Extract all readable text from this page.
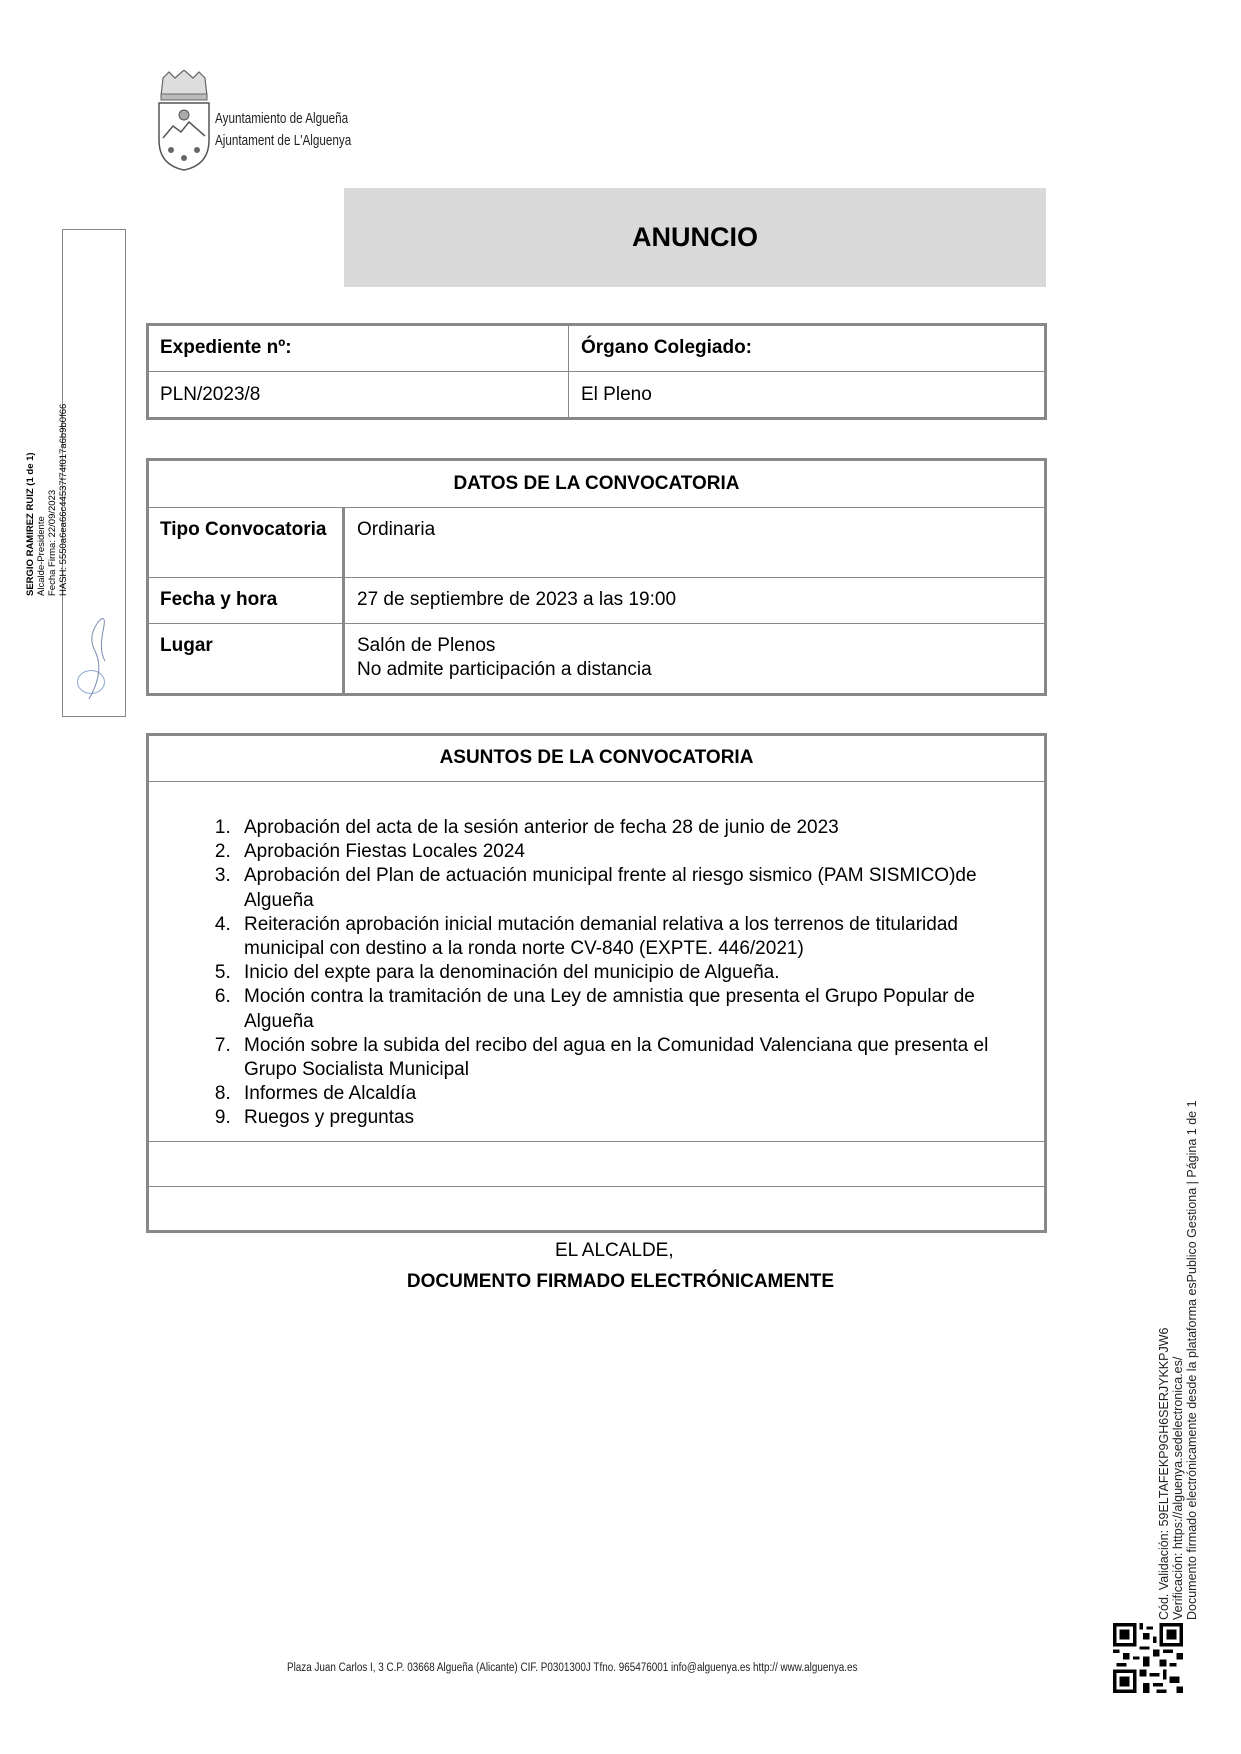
Ayuntamiento de Algueña
Ajuntament de L'Alguenya
ANUNCIO
Expediente nº:	Órgano Colegiado:
PLN/2023/8	El Pleno
DATOS DE LA CONVOCATORIA	
Tipo Convocatoria	Ordinaria
Fecha y hora	27 de septiembre de 2023 a las 19:00
Lugar	Salón de Plenos
No admite participación a distancia
ASUNTOS DE LA CONVOCATORIA

1. Aprobación del acta de la sesión anterior de fecha 28 de junio de 2023
2. Aprobación Fiestas Locales 2024
3. Aprobación del Plan de actuación municipal frente al riesgo sismico (PAM SISMICO)de Algueña
4. Reiteración aprobación inicial mutación demanial relativa a los terrenos de titularidad municipal con destino a la ronda norte CV-840 (EXPTE. 446/2021)
5. Inicio del expte para la denominación del municipio de Algueña.
6. Moción contra la tramitación de una Ley de amnistia que presenta el Grupo Popular de Algueña
7. Moción sobre la subida del recibo del agua en la Comunidad Valenciana que presenta el Grupo Socialista Municipal
8. Informes de Alcaldía
9. Ruegos y preguntas

EL ALCALDE,
DOCUMENTO FIRMADO ELECTRÓNICAMENTE
SERGIO RAMIREZ RUIZ (1 de 1) Alcalde-Presidente Fecha Firma: 22/09/2023 HASH: 5550a6ea66c44537f74f017a6b9b0f66
Cód. Validación: 59ELTAFEKP9GH6SERJYKKPJW6 Verificación: https://alguenya.sedelectronica.es/ Documento firmado electrónicamente desde la plataforma esPublico Gestiona | Página 1 de 1
Plaza Juan Carlos I, 3 C.P. 03668 Algueña (Alicante) CIF. P0301300J Tfno. 965476001 info@alguenya.es http:// www.alguenya.es
